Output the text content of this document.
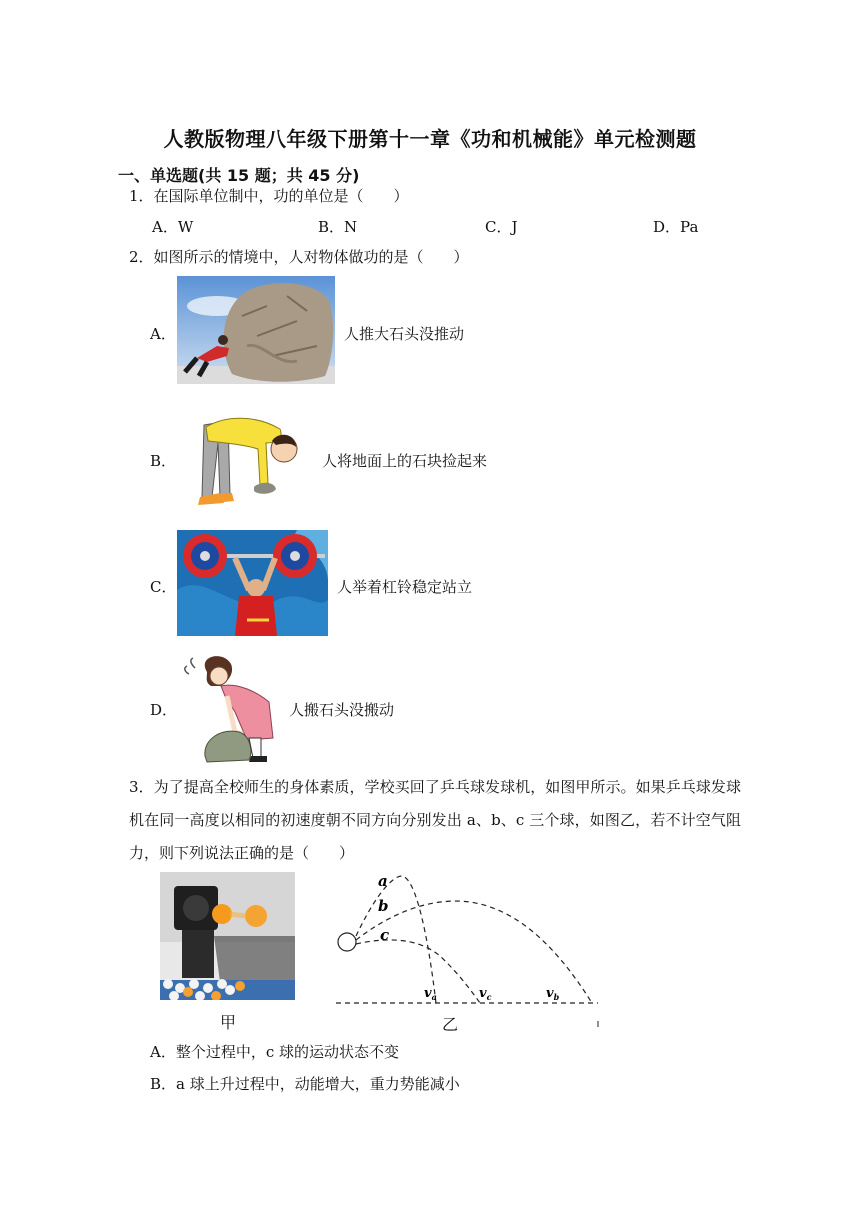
人教版物理八年级下册第十一章《功和机械能》单元检测题
一、单选题(共 15 题；共 45 分)
1．在国际单位制中，功的单位是（　　）
A．W	B．N	C．J	D．Pa
2．如图所示的情境中，人对物体做功的是（　　）
A．	人推大石头没推动
B．	人将地面上的石块捡起来
C．	人举着杠铃稳定站立
D．	人搬石头没搬动
3．为了提高全校师生的身体素质，学校买回了乒乓球发球机，如图甲所示。如果乒乓球发球机在同一高度以相同的初速度朝不同方向分别发出 a、b、c 三个球，如图乙，若不计空气阻力，则下列说法正确的是（　　）
甲
a
b
c
$v_a$	$v_c$	$v_b$
乙
A．整个过程中，c 球的运动状态不变
B．a 球上升过程中，动能增大，重力势能减小
